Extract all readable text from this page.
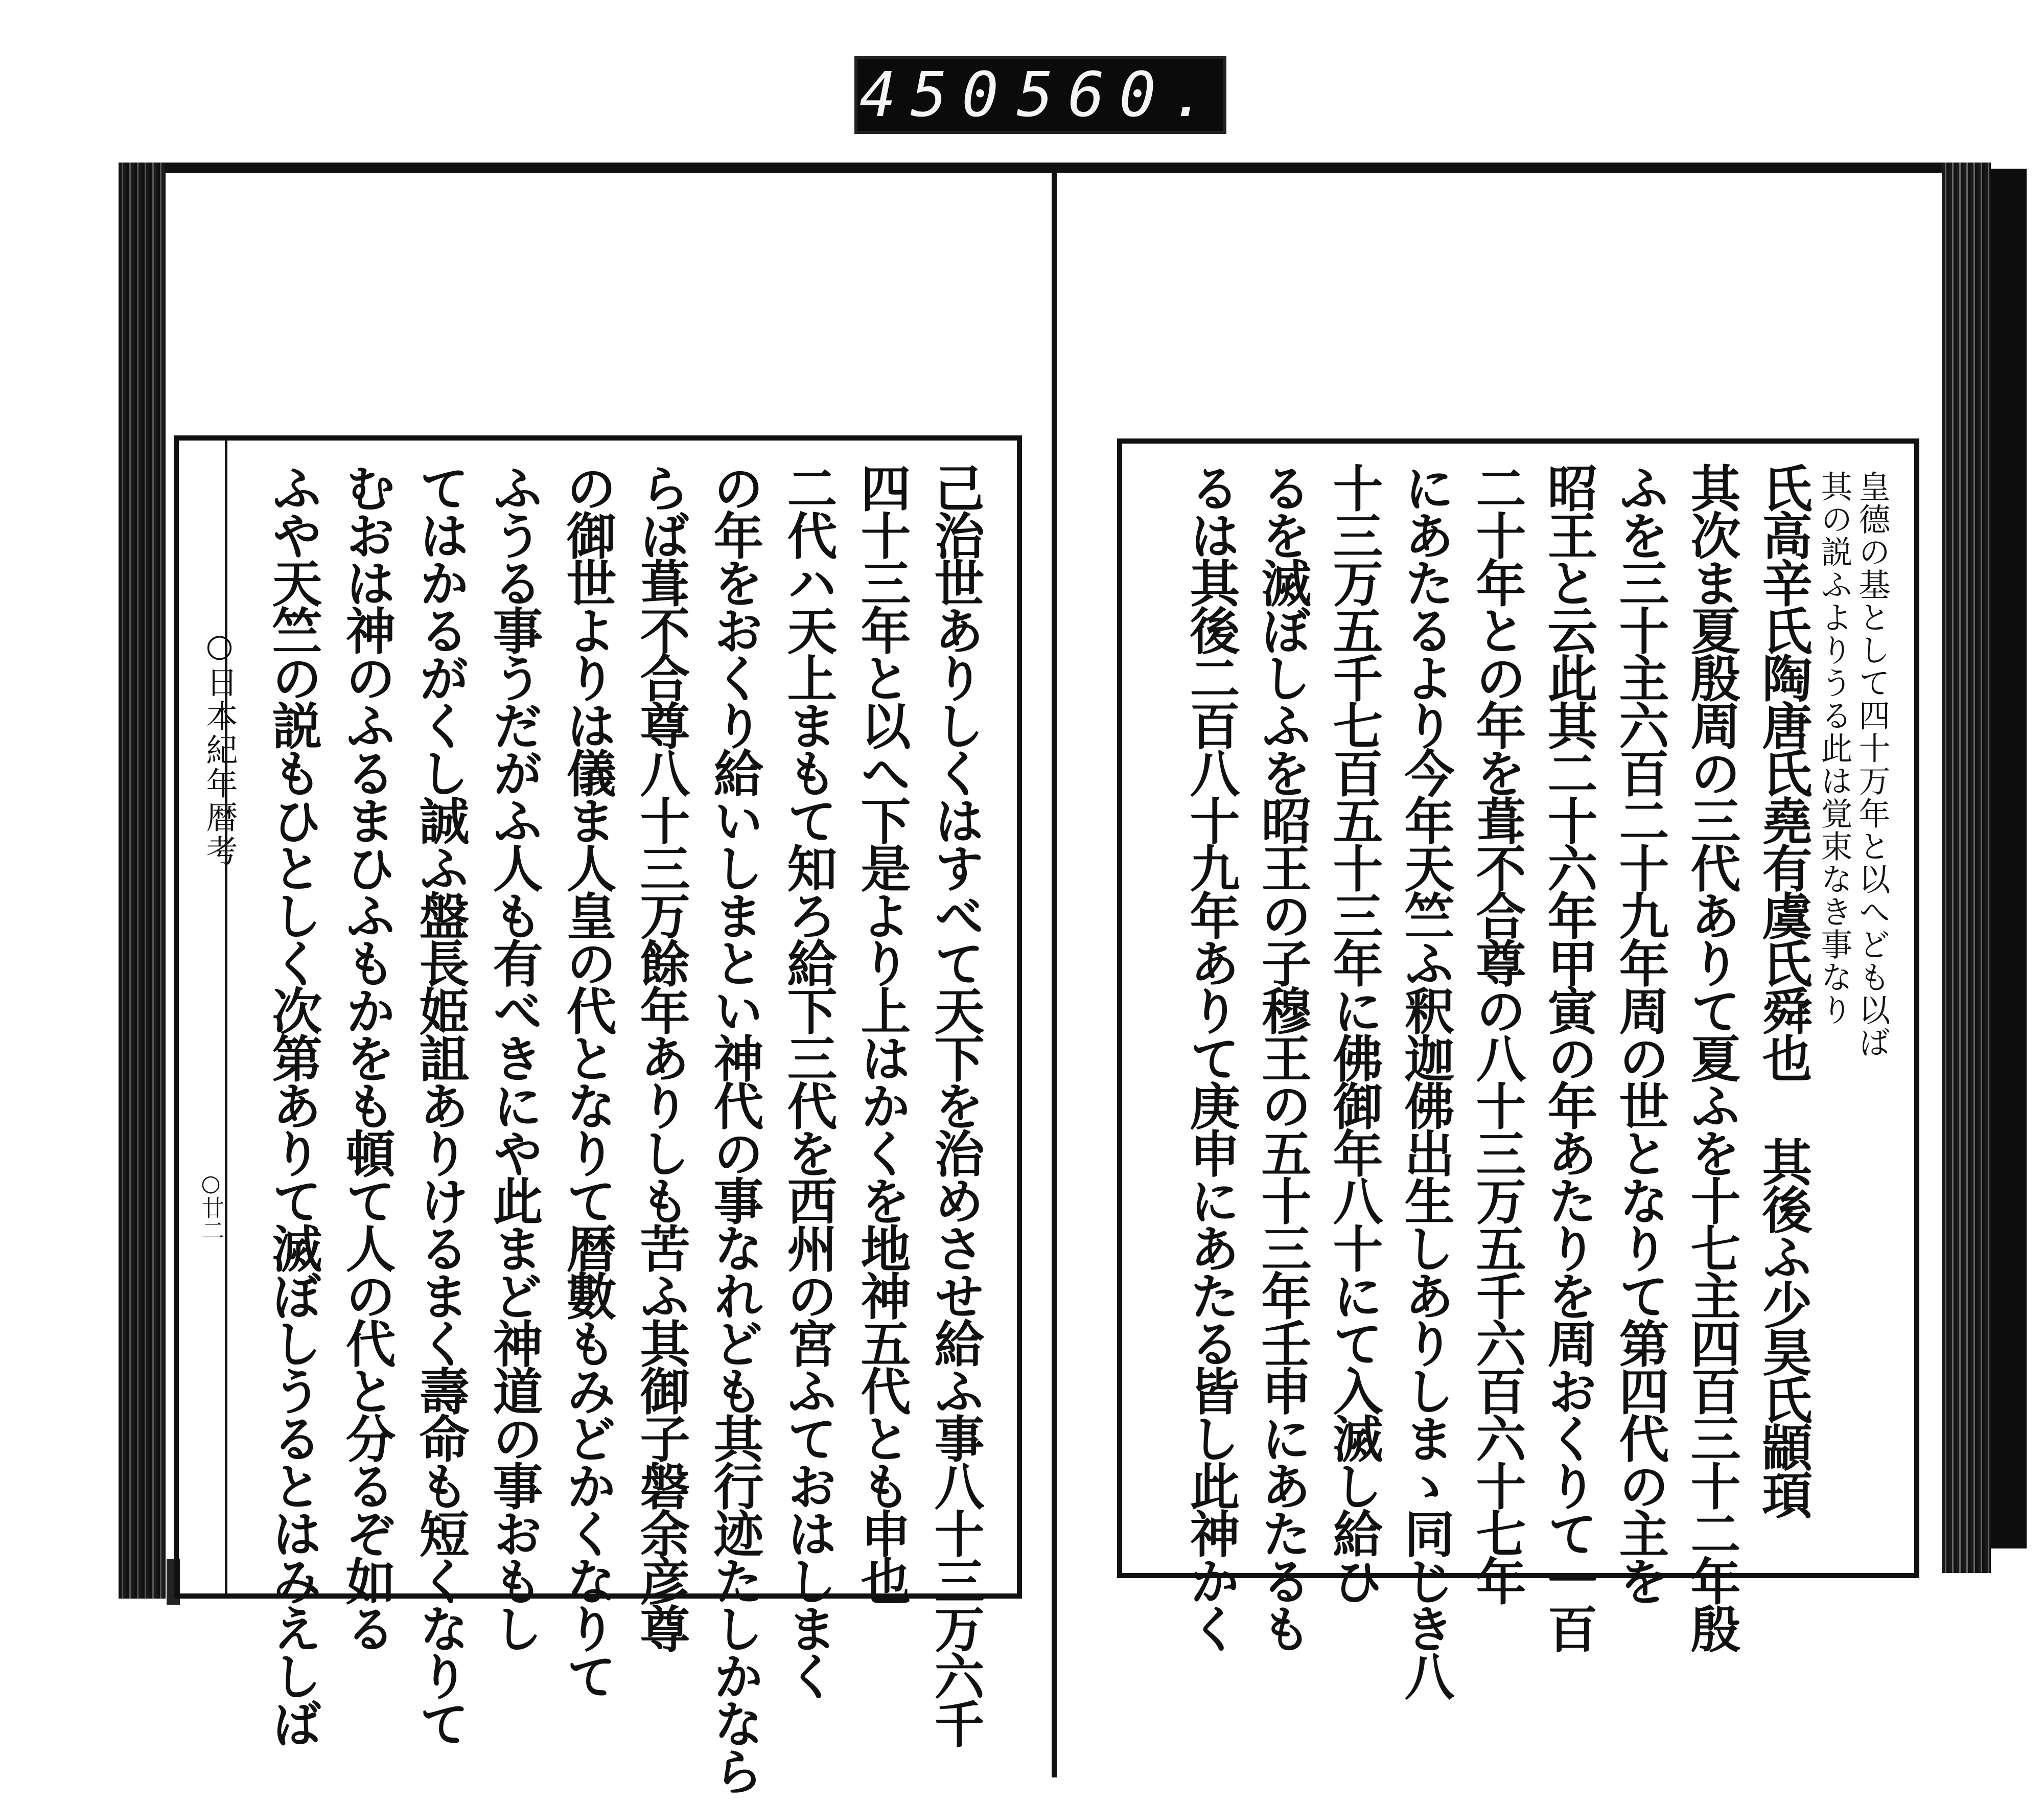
450 560.
○日本紀年暦考
○廿二	己治世ありしくはすべて天下を治めさせ給ふ事八十三万六千
四十三年と以へ下是より上はかくを地神五代とも申也
二代ハ天上まもて知ろ給下三代を西州の宮ふておはしまく
の年をおくり給いしまとい神代の事なれども其行迹たしかなら
らば葺不合尊八十三万餘年ありしも苦ふ其御子磐余彦尊
の御世よりは儀ま人皇の代となりて暦數もみどかくなりて
ふうる事うだがふ人も有べきにや此まど神道の事おもし
てはかるがくし誠ふ盤長姫詛ありけるまく壽命も短くなりて
むおは神のふるまひふもかをも頓て人の代と分るぞ如る
ふや天竺の説もひとしく次第ありて滅ぼしうるとはみえしば	皇德の基として四十万年と以へども以ば
其の説ふよりうる此は覚束なき事なり
氏高辛氏陶唐氏堯有虞氏舜也 其後ふ少昊氏顓頊
其次ま夏殷周の三代ありて夏ふを十七主四百三十二年殷
ふを三十主六百二十九年周の世となりて第四代の主を
昭王と云此其二十六年甲寅の年あたりを周おくりて一百
二十年との年を葺不合尊の八十三万五千六百六十七年
にあたるより今年天竺ふ釈迦佛出生しありしまゝ同じき八
十三万五千七百五十三年に佛御年八十にて入滅し給ひ
るを滅ぼしふを昭王の子穆王の五十三年壬申にあたるも
るは其後二百八十九年ありて庚申にあたる皆し此神かく
